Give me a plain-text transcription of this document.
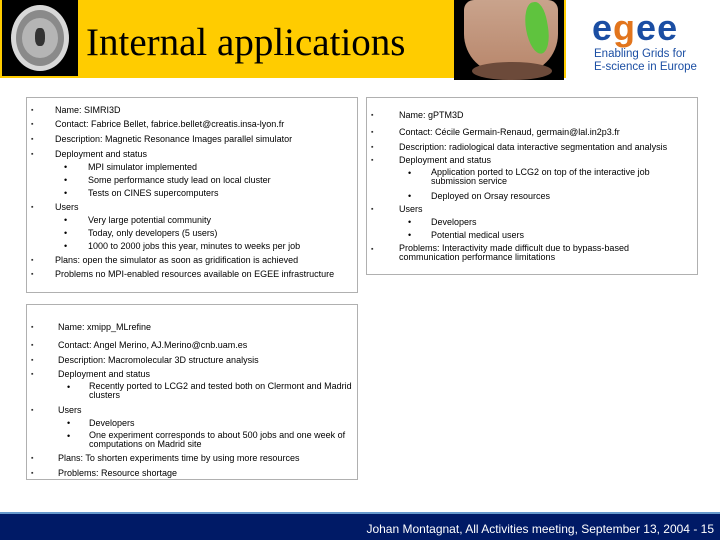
Internal applications	egee
Enabling Grids for
E-science in Europe
▪ Name: SIMRI3D
▪ Contact: Fabrice Bellet, fabrice.bellet@creatis.insa-lyon.fr
▪ Description: Magnetic Resonance Images parallel simulator
▪ Deployment and status
• MPI simulator implemented
• Some performance study lead on local cluster
• Tests on CINES supercomputers
▪ Users
• Very large potential community
• Today, only developers (5 users)
• 1000 to 2000 jobs this year, minutes to weeks per job
▪ Plans: open the simulator as soon as gridification is achieved
▪ Problems no MPI-enabled resources available on EGEE infrastructure
▪	Name: gPTM3D
▪	Contact: Cécile Germain-Renaud, germain@lal.in2p3.fr
▪	Description: radiological data interactive segmentation and analysis
▪	Deployment and status
• Application ported to LCG2 on top of the interactive job submission service
• Deployed on Orsay resources
▪	Users
• Developers
• Potential medical users
▪	Problems: Interactivity made difficult due to bypass-based communication performance limitations
▪	Name: xmipp_MLrefine
▪	Contact: Angel Merino, AJ.Merino@cnb.uam.es
▪	Description: Macromolecular 3D structure analysis
▪	Deployment and status
• Recently ported to LCG2 and tested both on Clermont and Madrid clusters
▪	Users
• Developers
• One experiment corresponds to about 500 jobs and one week of computations on Madrid site
▪	Plans: To shorten experiments time by using more resources
▪	Problems: Resource shortage
Johan Montagnat, All Activities meeting, September 13, 2004 - 15
